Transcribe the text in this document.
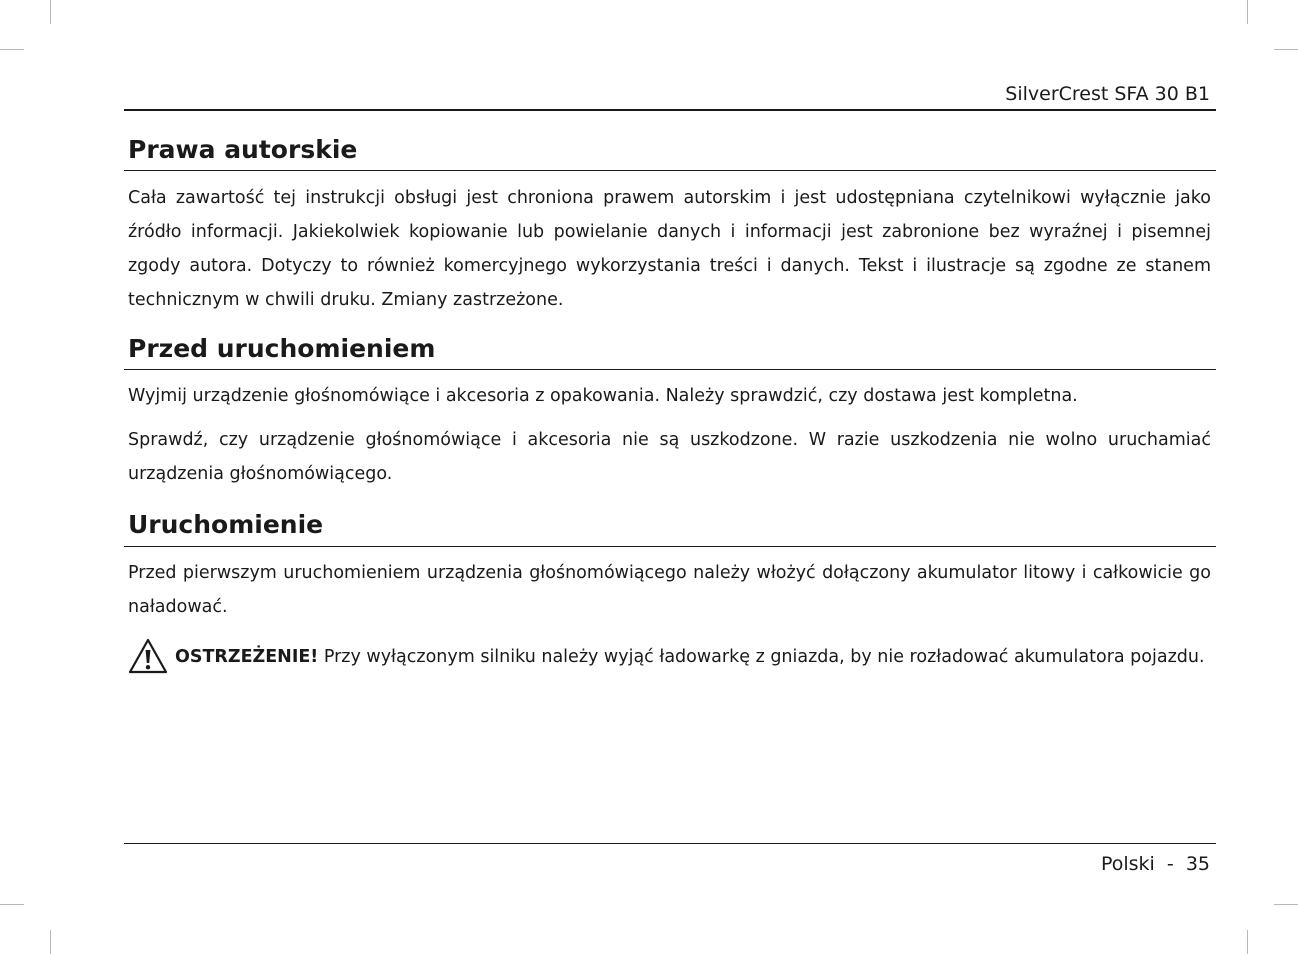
SilverCrest SFA 30 B1
Prawa autorskie

Cała zawartość tej instrukcji obsługi jest chroniona prawem autorskim i jest udostępniana czytelnikowi wyłącznie jako źródło informacji. Jakiekolwiek kopiowanie lub powielanie danych i informacji jest zabronione bez wyraźnej i pisemnej zgody autora. Dotyczy to również komercyjnego wykorzystania treści i danych. Tekst i ilustracje są zgodne ze stanem technicznym w chwili druku. Zmiany zastrzeżone.

Przed uruchomieniem

Wyjmij urządzenie głośnomówiące i akcesoria z opakowania. Należy sprawdzić, czy dostawa jest kompletna.

Sprawdź, czy urządzenie głośnomówiące i akcesoria nie są uszkodzone. W razie uszkodzenia nie wolno uruchamiać urządzenia głośnomówiącego.

Uruchomienie

Przed pierwszym uruchomieniem urządzenia głośnomówiącego należy włożyć dołączony akumulator litowy i całkowicie go naładować.

OSTRZEŻENIE! Przy wyłączonym silniku należy wyjąć ładowarkę z gniazda, by nie rozładować akumulatora pojazdu.

Polski  -  35
